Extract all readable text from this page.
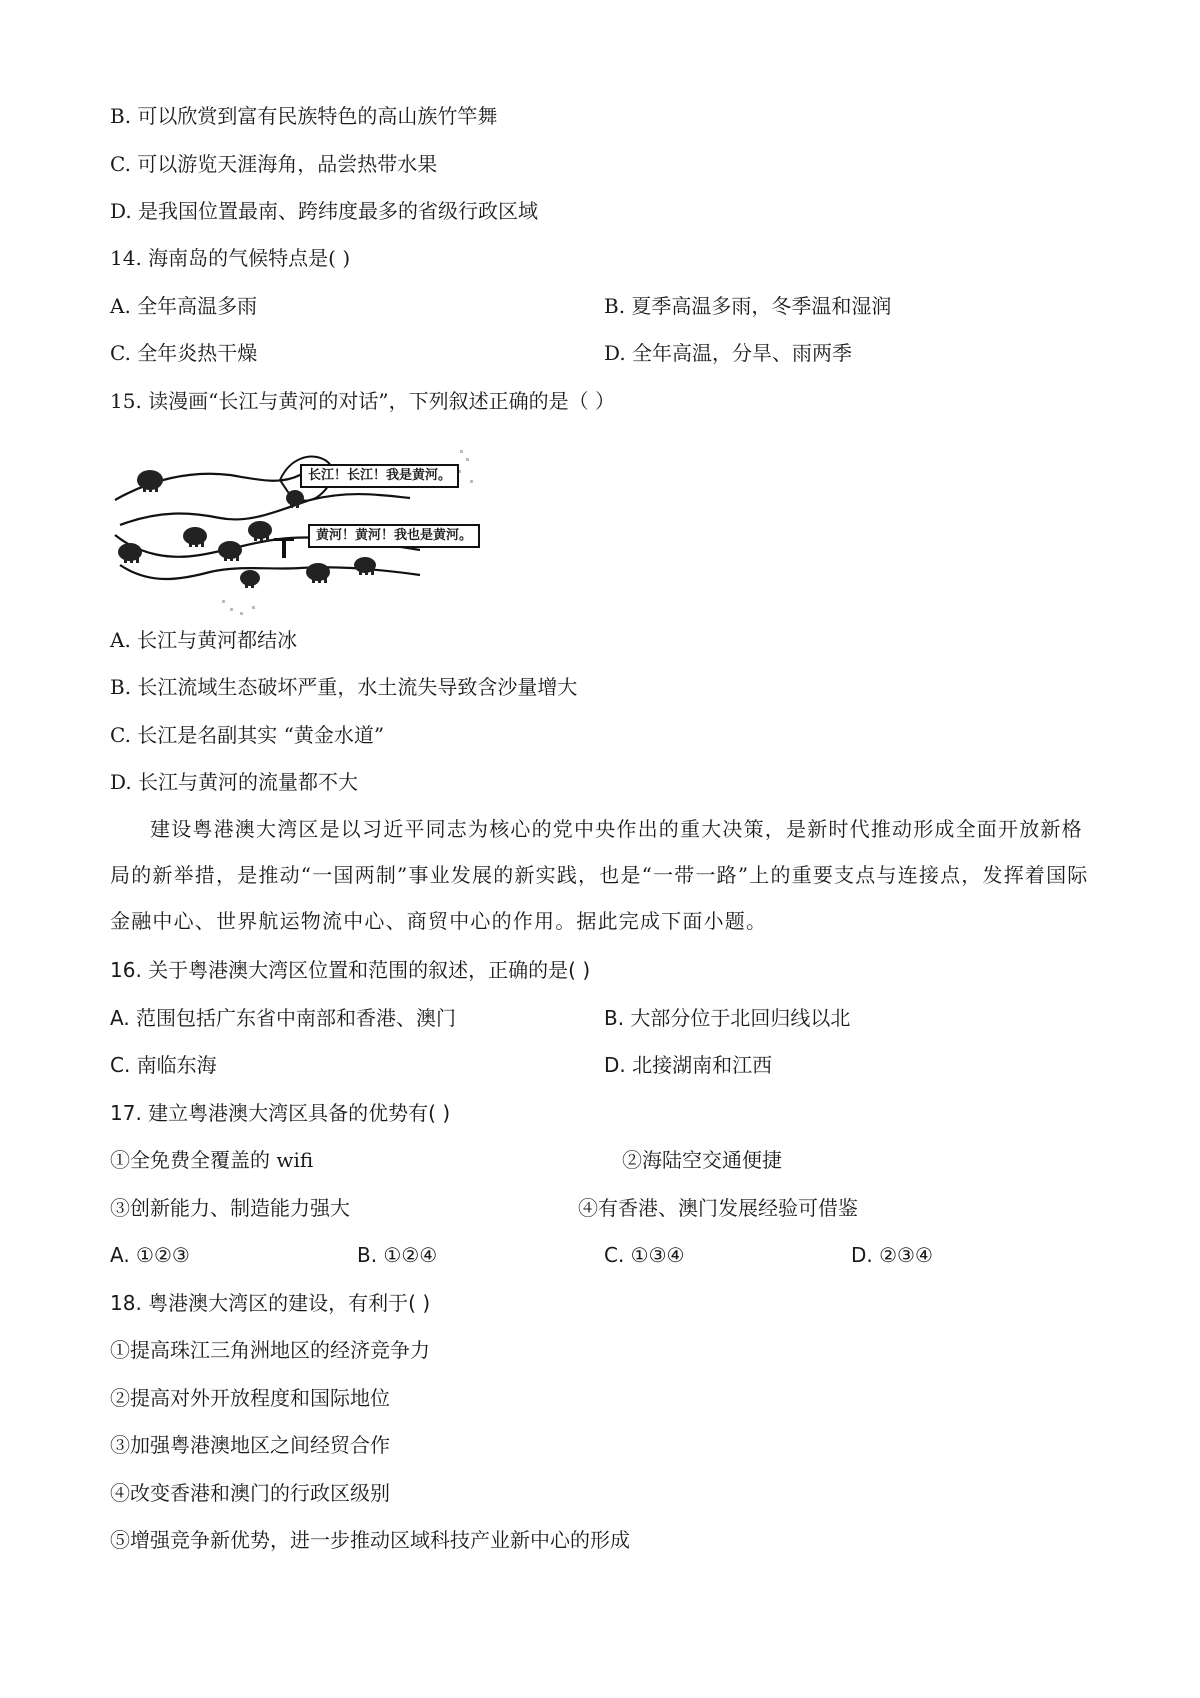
B. 可以欣赏到富有民族特色的高山族竹竿舞
C. 可以游览天涯海角，品尝热带水果
D. 是我国位置最南、跨纬度最多的省级行政区域
14. 海南岛的气候特点是( )
A. 全年高温多雨	B. 夏季高温多雨，冬季温和湿润
C. 全年炎热干燥	D. 全年高温，分旱、雨两季
15. 读漫画“长江与黄河的对话”，下列叙述正确的是（ ）
长江！长江！我是黄河。
黄河！黄河！我也是黄河。
A. 长江与黄河都结冰
B. 长江流域生态破坏严重，水土流失导致含沙量增大
C. 长江是名副其实 “黄金水道”
D. 长江与黄河的流量都不大
建设粤港澳大湾区是以习近平同志为核心的党中央作出的重大决策，是新时代推动形成全面开放新格局的新举措，是推动“一国两制”事业发展的新实践，也是“一带一路”上的重要支点与连接点，发挥着国际金融中心、世界航运物流中心、商贸中心的作用。据此完成下面小题。
16. 关于粤港澳大湾区位置和范围的叙述，正确的是( )
A. 范围包括广东省中南部和香港、澳门	B. 大部分位于北回归线以北
C. 南临东海	D. 北接湖南和江西
17. 建立粤港澳大湾区具备的优势有( )
①全免费全覆盖的 wifi	②海陆空交通便捷
③创新能力、制造能力强大	④有香港、澳门发展经验可借鉴
A. ①②③	B. ①②④	C. ①③④	D. ②③④
18. 粤港澳大湾区的建设，有利于( )
①提高珠江三角洲地区的经济竞争力
②提高对外开放程度和国际地位
③加强粤港澳地区之间经贸合作
④改变香港和澳门的行政区级别
⑤增强竞争新优势，进一步推动区域科技产业新中心的形成
